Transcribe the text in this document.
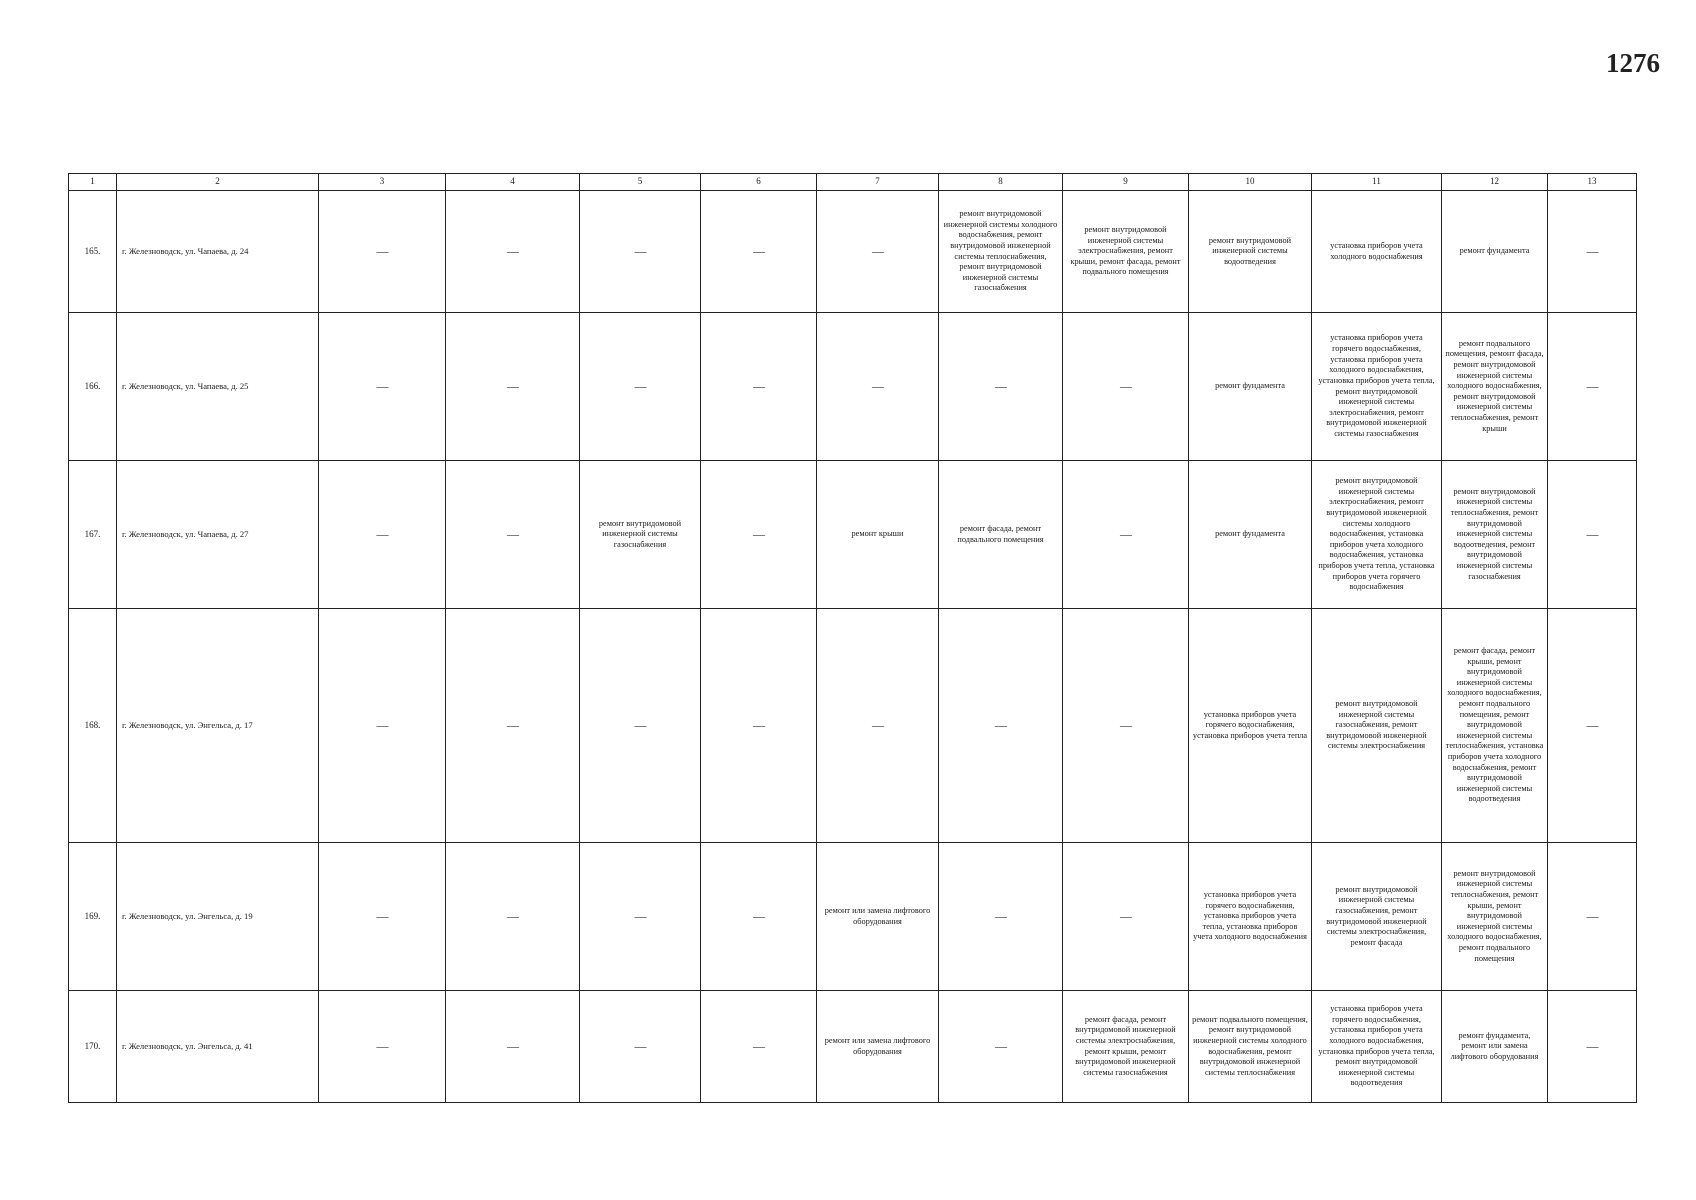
1276
1	2	3	4	5	6	7	8	9	10	11	12	13
165.	г. Железноводск, ул. Чапаева, д. 24	—	—	—	—	—	ремонт внутридомовой инженерной системы холодного водоснабжения, ремонт внутридомовой инженерной системы теплоснабжения, ремонт внутридомовой инженерной системы газоснабжения	ремонт внутридомовой инженерной системы электроснабжения, ремонт крыши, ремонт фасада, ремонт подвального помещения	ремонт внутридомовой инженерной системы водоотведения	установка приборов учета холодного водоснабжения	ремонт фундамента	—
166.	г. Железноводск, ул. Чапаева, д. 25	—	—	—	—	—	—	—	ремонт фундамента	установка приборов учета горячего водоснабжения, установка приборов учета холодного водоснабжения, установка приборов учета тепла, ремонт внутридомовой инженерной системы электроснабжения, ремонт внутридомовой инженерной системы газоснабжения	ремонт подвального помещения, ремонт фасада, ремонт внутридомовой инженерной системы холодного водоснабжения, ремонт внутридомовой инженерной системы теплоснабжения, ремонт крыши	—
167.	г. Железноводск, ул. Чапаева, д. 27	—	—	ремонт внутридомовой инженерной системы газоснабжения	—	ремонт крыши	ремонт фасада, ремонт подвального помещения	—	ремонт фундамента	ремонт внутридомовой инженерной системы электроснабжения, ремонт внутридомовой инженерной системы холодного водоснабжения, установка приборов учета холодного водоснабжения, установка приборов учета тепла, установка приборов учета горячего водоснабжения	ремонт внутридомовой инженерной системы теплоснабжения, ремонт внутридомовой инженерной системы водоотведения, ремонт внутридомовой инженерной системы газоснабжения	—
168.	г. Железноводск, ул. Энгельса, д. 17	—	—	—	—	—	—	—	установка приборов учета горячего водоснабжения, установка приборов учета тепла	ремонт внутридомовой инженерной системы газоснабжения, ремонт внутридомовой инженерной системы электроснабжения	ремонт фасада, ремонт крыши, ремонт внутридомовой инженерной системы холодного водоснабжения, ремонт подвального помещения, ремонт внутридомовой инженерной системы теплоснабжения, установка приборов учета холодного водоснабжения, ремонт внутридомовой инженерной системы водоотведения	—
169.	г. Железноводск, ул. Энгельса, д. 19	—	—	—	—	ремонт или замена лифтового оборудования	—	—	установка приборов учета горячего водоснабжения, установка приборов учета тепла, установка приборов учета холодного водоснабжения	ремонт внутридомовой инженерной системы газоснабжения, ремонт внутридомовой инженерной системы электроснабжения, ремонт фасада	ремонт внутридомовой инженерной системы теплоснабжения, ремонт крыши, ремонт внутридомовой инженерной системы холодного водоснабжения, ремонт подвального помещения	—
170.	г. Железноводск, ул. Энгельса, д. 41	—	—	—	—	ремонт или замена лифтового оборудования	—	ремонт фасада, ремонт внутридомовой инженерной системы электроснабжения, ремонт крыши, ремонт внутридомовой инженерной системы газоснабжения	ремонт подвального помещения, ремонт внутридомовой инженерной системы холодного водоснабжения, ремонт внутридомовой инженерной системы теплоснабжения	установка приборов учета горячего водоснабжения, установка приборов учета холодного водоснабжения, установка приборов учета тепла, ремонт внутридомовой инженерной системы водоотведения	ремонт фундамента, ремонт или замена лифтового оборудования	—
